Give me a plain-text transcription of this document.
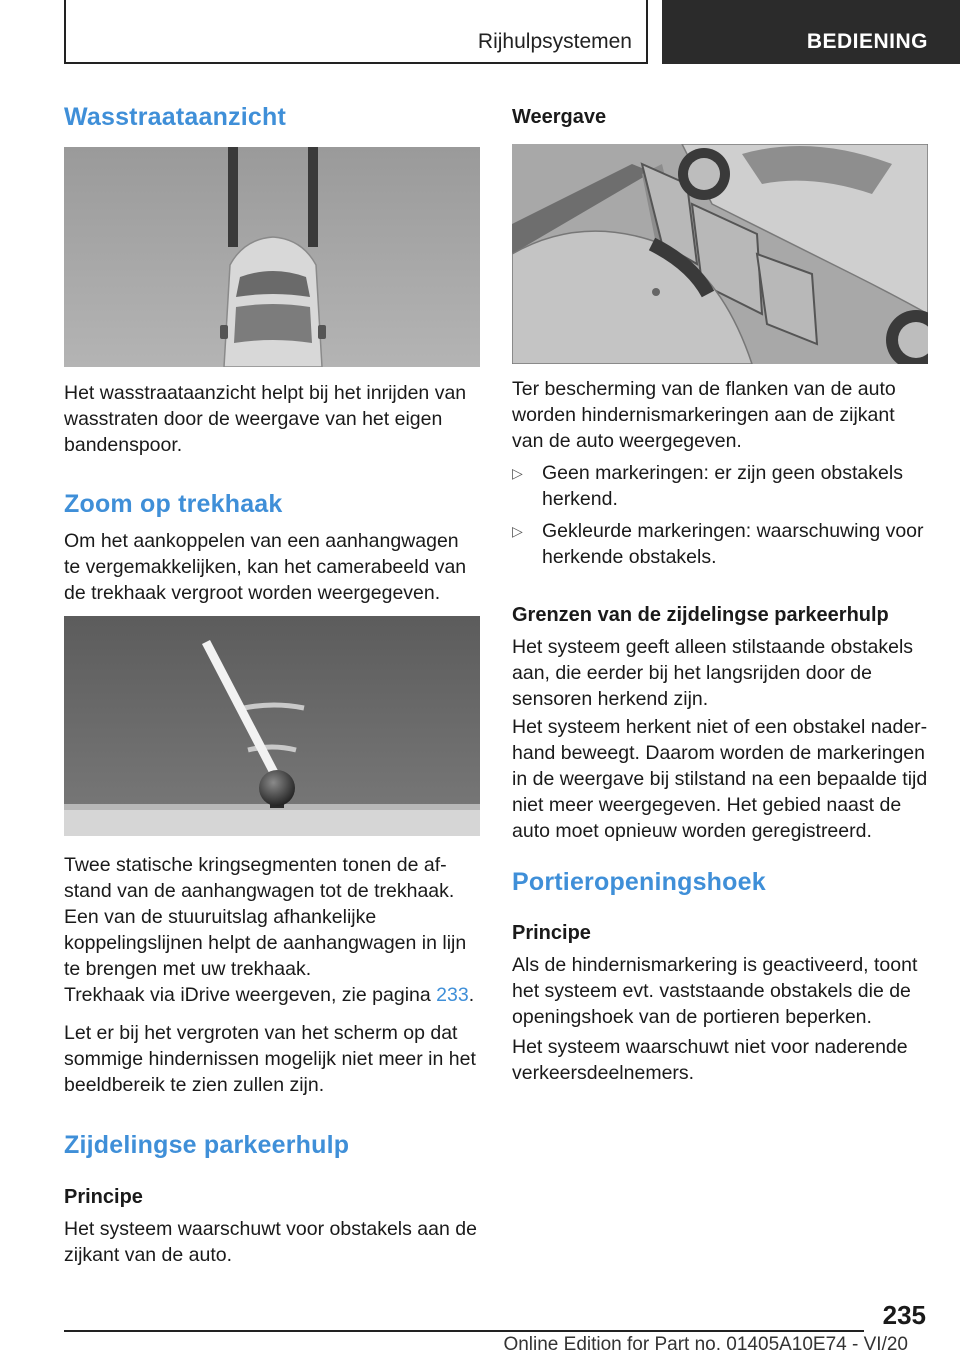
Rijhulpsystemen	BEDIENING
Wasstraataanzicht

Het wasstraataanzicht helpt bij het inrijden van wasstraten door de weergave van het eigen bandenspoor.

Zoom op trekhaak

Om het aankoppelen van een aanhangwagen te vergemakkelijken, kan het camerabeeld van de trekhaak vergroot worden weergegeven.

Twee statische kringsegmenten tonen de afstand van de aanhangwagen tot de trekhaak.

Een van de stuuruitslag afhankelijke koppelingslijnen helpt de aanhangwagen in lijn te brengen met uw trekhaak.

Trekhaak via iDrive weergeven, zie pagina 233.

Let er bij het vergroten van het scherm op dat sommige hindernissen mogelijk niet meer in het beeldbereik te zien zullen zijn.

Zijdelingse parkeerhulp
Principe

Het systeem waarschuwt voor obstakels aan de zijkant van de auto.

Weergave

Ter bescherming van de flanken van de auto worden hindernismarkeringen aan de zijkant van de auto weergegeven.

▷ Geen markeringen: er zijn geen obstakels herkend.
▷ Gekleurde markeringen: waarschuwing voor herkende obstakels.
Grenzen van de zijdelingse parkeerhulp

Het systeem geeft alleen stilstaande obstakels aan, die eerder bij het langsrijden door de sensoren herkend zijn.

Het systeem herkent niet of een obstakel naderhand beweegt. Daarom worden de markeringen in de weergave bij stilstand na een bepaalde tijd niet meer weergegeven. Het gebied naast de auto moet opnieuw worden geregistreerd.

Portieropeningshoek
Principe

Als de hindernismarkering is geactiveerd, toont het systeem evt. vaststaande obstakels die de openingshoek van de portieren beperken.

Het systeem waarschuwt niet voor naderende verkeersdeelnemers.

235
Online Edition for Part no. 01405A10E74 - VI/20
